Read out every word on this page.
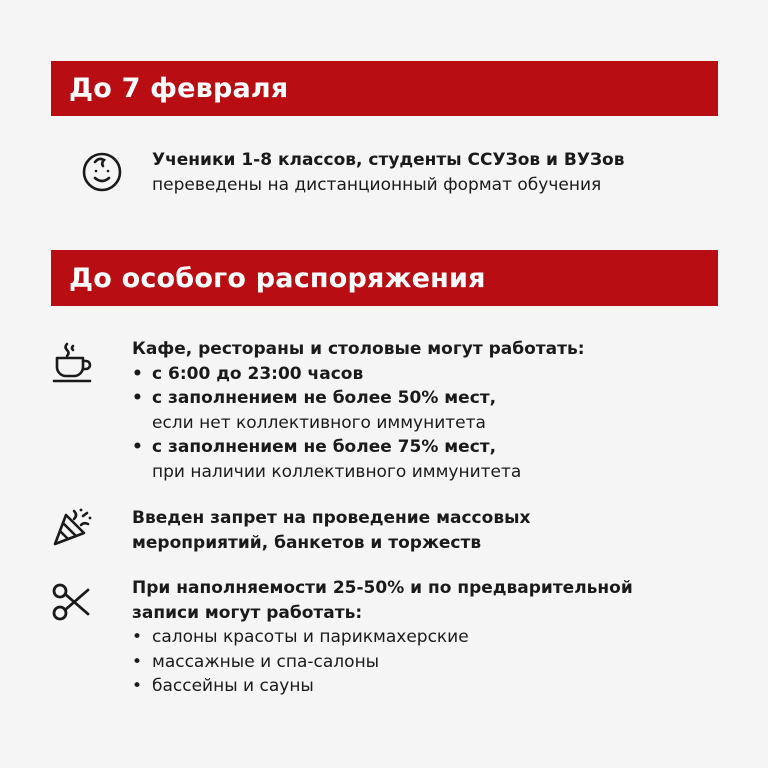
До 7 февраля
Ученики 1-8 классов, студенты ССУЗов и ВУЗов
переведены на дистанционный формат обучения
До особого распоряжения
Кафе, рестораны и столовые могут работать:
• с 6:00 до 23:00 часов
• с заполнением не более 50% мест,
если нет коллективного иммунитета
• с заполнением не более 75% мест,
при наличии коллективного иммунитета
Введен запрет на проведение массовых
мероприятий, банкетов и торжеств
При наполняемости 25-50% и по предварительной
записи могут работать:
• салоны красоты и парикмахерские
• массажные и спа-салоны
• бассейны и сауны
